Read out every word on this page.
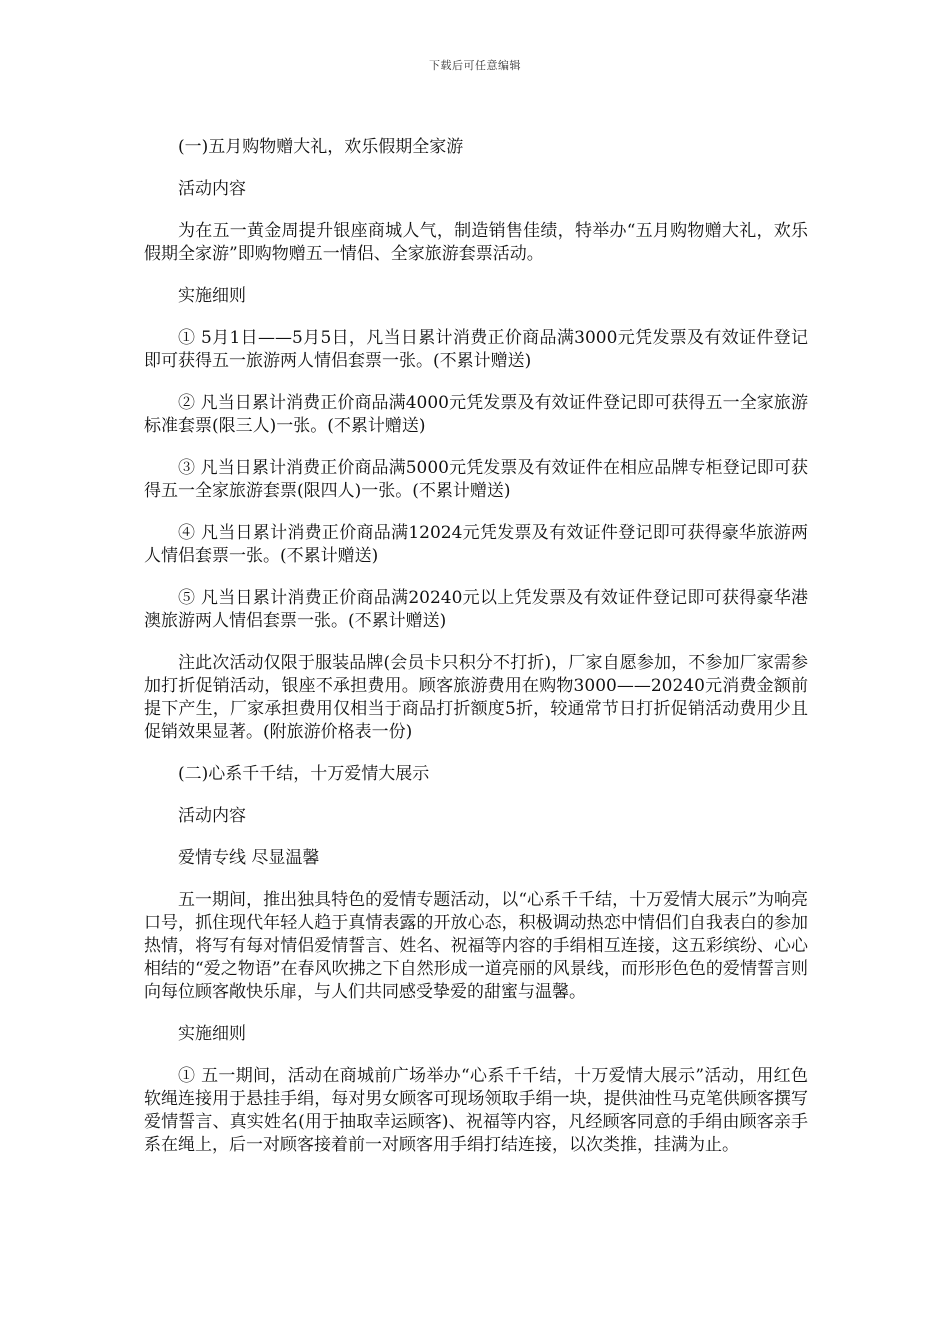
下载后可任意编辑

(一)五月购物赠大礼，欢乐假期全家游

活动内容

为在五一黄金周提升银座商城人气，制造销售佳绩，特举办“五月购物赠大礼，欢乐假期全家游”即购物赠五一情侣、全家旅游套票活动。

实施细则

① 5月1日——5月5日，凡当日累计消费正价商品满3000元凭发票及有效证件登记即可获得五一旅游两人情侣套票一张。(不累计赠送)

② 凡当日累计消费正价商品满4000元凭发票及有效证件登记即可获得五一全家旅游标准套票(限三人)一张。(不累计赠送)

③ 凡当日累计消费正价商品满5000元凭发票及有效证件在相应品牌专柜登记即可获得五一全家旅游套票(限四人)一张。(不累计赠送)

④ 凡当日累计消费正价商品满12024元凭发票及有效证件登记即可获得豪华旅游两人情侣套票一张。(不累计赠送)

⑤ 凡当日累计消费正价商品满20240元以上凭发票及有效证件登记即可获得豪华港澳旅游两人情侣套票一张。(不累计赠送)

注此次活动仅限于服装品牌(会员卡只积分不打折)，厂家自愿参加，不参加厂家需参加打折促销活动，银座不承担费用。顾客旅游费用在购物3000——20240元消费金额前提下产生，厂家承担费用仅相当于商品打折额度5折，较通常节日打折促销活动费用少且促销效果显著。(附旅游价格表一份)

(二)心系千千结，十万爱情大展示

活动内容

爱情专线 尽显温馨

五一期间，推出独具特色的爱情专题活动，以“心系千千结，十万爱情大展示”为响亮口号，抓住现代年轻人趋于真情表露的开放心态，积极调动热恋中情侣们自我表白的参加热情，将写有每对情侣爱情誓言、姓名、祝福等内容的手绢相互连接，这五彩缤纷、心心相结的“爱之物语”在春风吹拂之下自然形成一道亮丽的风景线，而形形色色的爱情誓言则向每位顾客敞快乐扉，与人们共同感受挚爱的甜蜜与温馨。

实施细则

① 五一期间，活动在商城前广场举办“心系千千结，十万爱情大展示”活动，用红色软绳连接用于悬挂手绢，每对男女顾客可现场领取手绢一块，提供油性马克笔供顾客撰写爱情誓言、真实姓名(用于抽取幸运顾客)、祝福等内容，凡经顾客同意的手绢由顾客亲手系在绳上，后一对顾客接着前一对顾客用手绢打结连接，以次类推，挂满为止。
